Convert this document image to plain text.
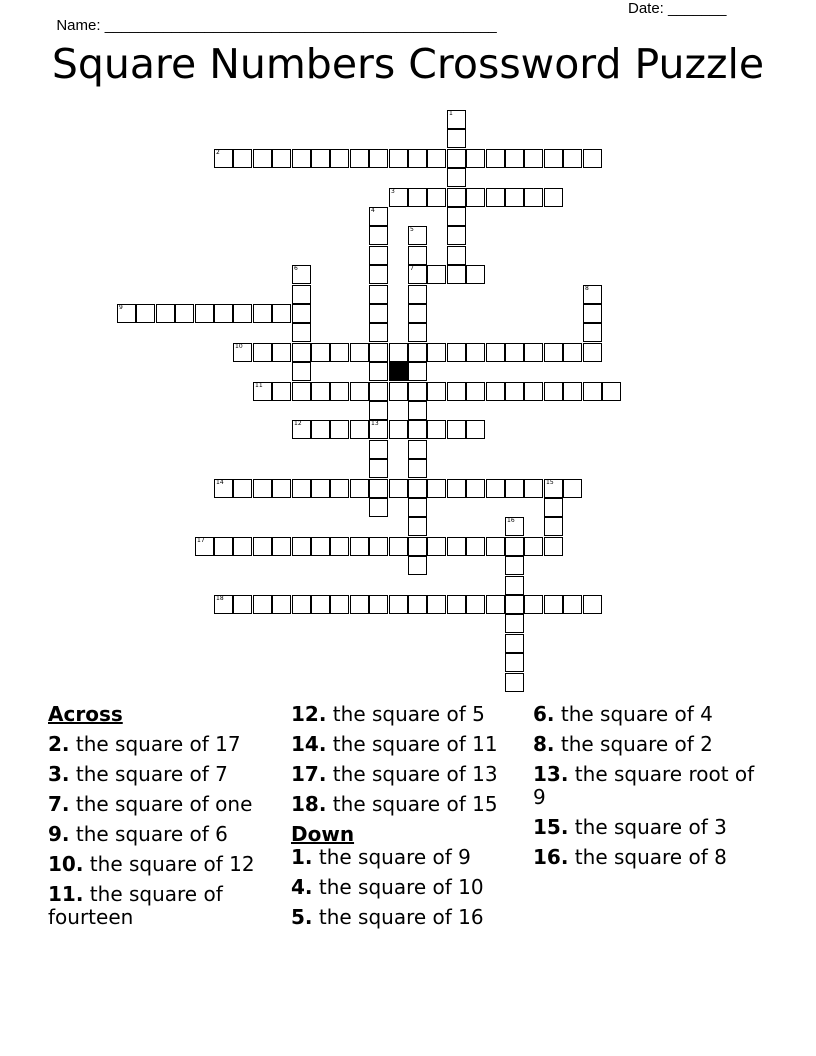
Name: _______________________________________________

Date: _______

Square Numbers Crossword Puzzle
1
2
3
4
13
5
7
6
8
9
10
11
12
14	15
16
17
18
Across
2. the square of 17
3. the square of 7
7. the square of one
9. the square of 6
10. the square of 12
11. the square of fourteen
12. the square of 5
14. the square of 11
17. the square of 13
18. the square of 15
Down
1. the square of 9
4. the square of 10
5. the square of 16
6. the square of 4
8. the square of 2
13. the square root of 9
15. the square of 3
16. the square of 8
